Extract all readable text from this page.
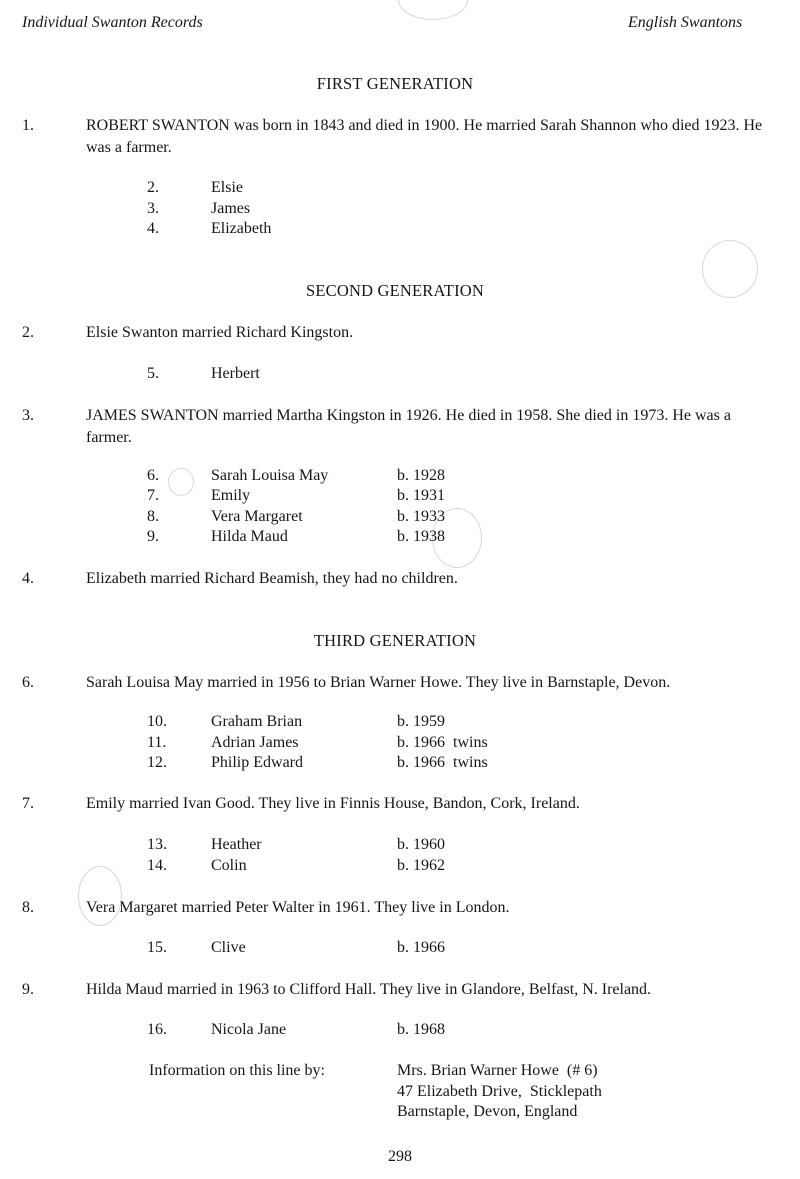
Individual Swanton Records	English Swantons
FIRST GENERATION
1.	ROBERT SWANTON was born in 1843 and died in 1900. He married Sarah Shannon who died 1923. He was a farmer.
2.	Elsie
3.	James
4.	Elizabeth
SECOND GENERATION
2.	Elsie Swanton married Richard Kingston.
5.	Herbert
3.	JAMES SWANTON married Martha Kingston in 1926. He died in 1958. She died in 1973. He was a farmer.
6.	Sarah Louisa May	b. 1928
7.	Emily	b. 1931
8.	Vera Margaret	b. 1933
9.	Hilda Maud	b. 1938
4.	Elizabeth married Richard Beamish, they had no children.
THIRD GENERATION
6.	Sarah Louisa May married in 1956 to Brian Warner Howe. They live in Barnstaple, Devon.
10.	Graham Brian	b. 1959
11.	Adrian James	b. 1966  twins
12.	Philip Edward	b. 1966  twins
7.	Emily married Ivan Good. They live in Finnis House, Bandon, Cork, Ireland.
13.	Heather	b. 1960
14.	Colin	b. 1962
8.	Vera Margaret married Peter Walter in 1961. They live in London.
15.	Clive	b. 1966
9.	Hilda Maud married in 1963 to Clifford Hall. They live in Glandore, Belfast, N. Ireland.
16.	Nicola Jane	b. 1968
Information on this line by:	Mrs. Brian Warner Howe  (# 6)
47 Elizabeth Drive,  Sticklepath
Barnstaple, Devon, England
298
